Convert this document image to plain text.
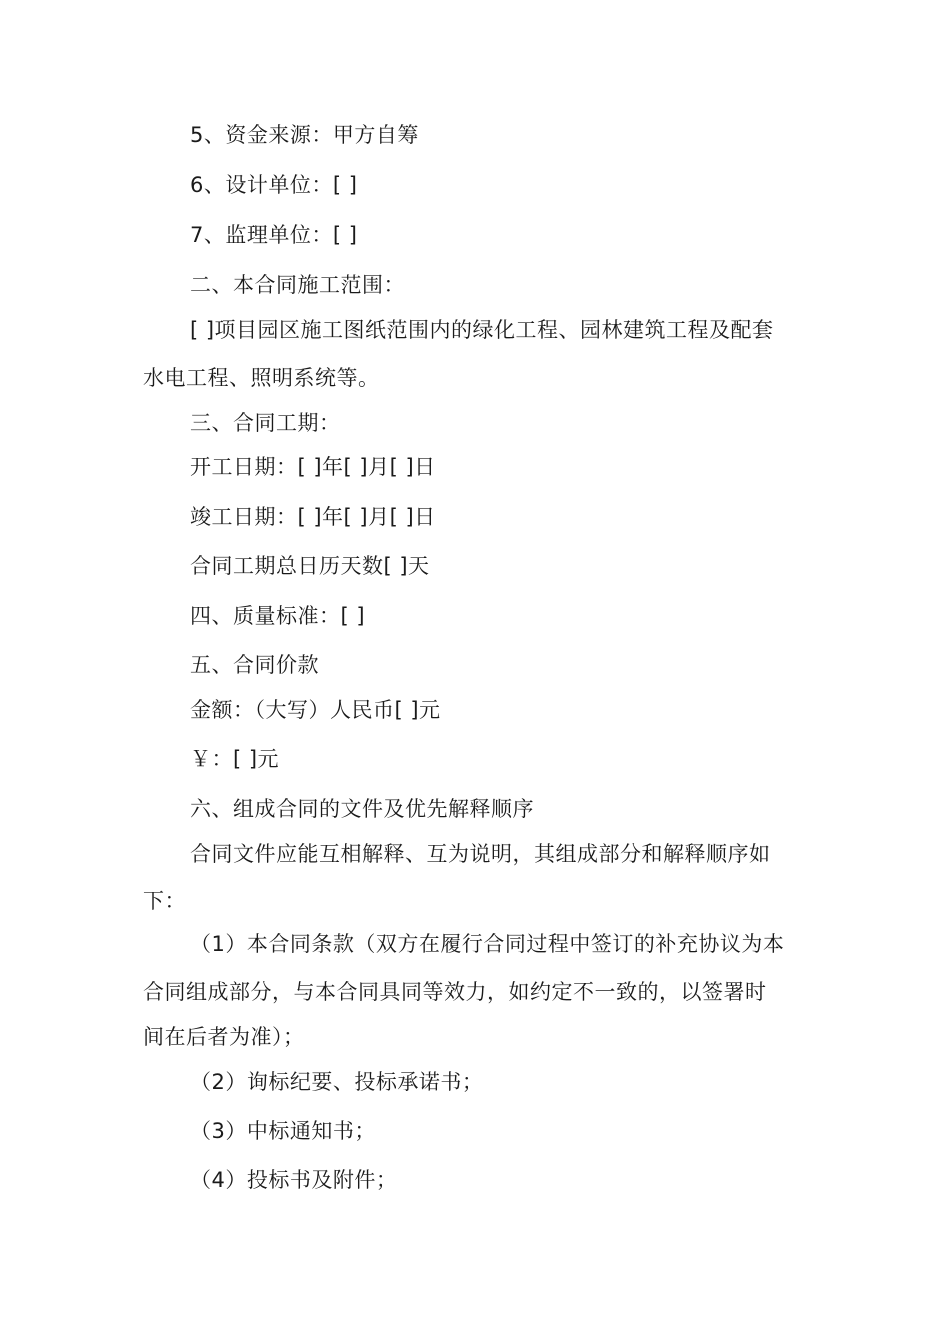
5、资金来源：甲方自筹
6、设计单位：[ ]
7、监理单位：[ ]
二、本合同施工范围：
[ ]项目园区施工图纸范围内的绿化工程、园林建筑工程及配套
水电工程、照明系统等。
三、合同工期：
开工日期：[ ]年[ ]月[ ]日
竣工日期：[ ]年[ ]月[ ]日
合同工期总日历天数[ ]天
四、质量标准：[ ]
五、合同价款
金额：（大写）人民币[ ]元
￥：[ ]元
六、组成合同的文件及优先解释顺序
合同文件应能互相解释、互为说明，其组成部分和解释顺序如
下：
（1）本合同条款（双方在履行合同过程中签订的补充协议为本
合同组成部分，与本合同具同等效力，如约定不一致的，以签署时
间在后者为准）；
（2）询标纪要、投标承诺书；
（3）中标通知书；
（4）投标书及附件；
